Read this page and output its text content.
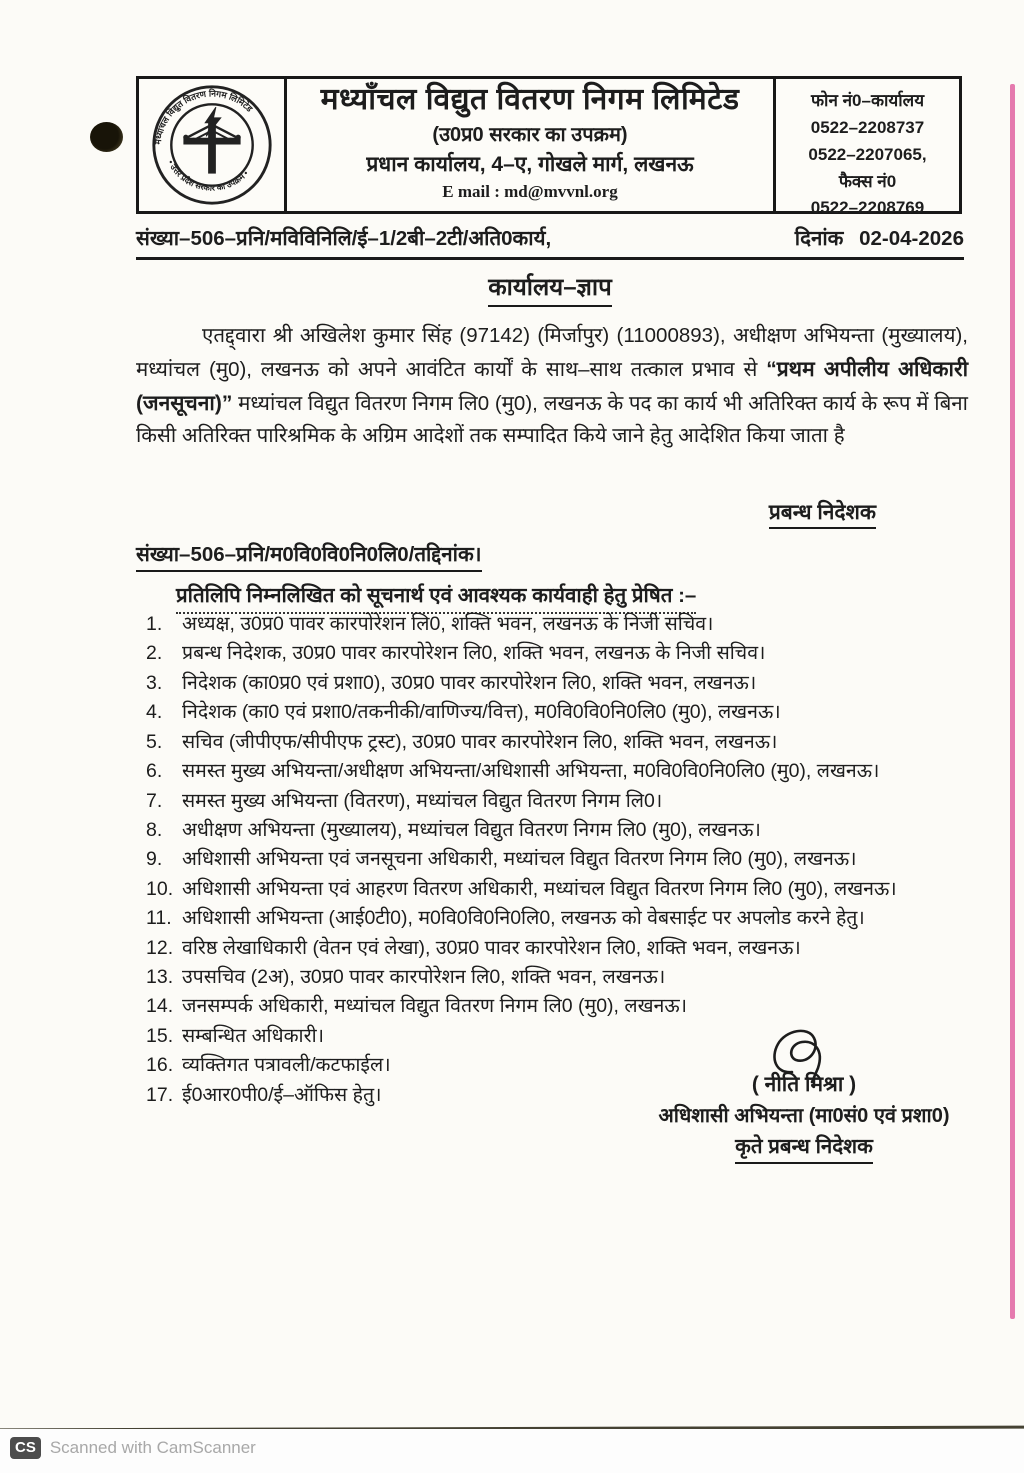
मध्यांचल विद्युत वितरण निगम लिमिटेड
• उत्तर प्रदेश सरकार का उपक्रम •
मध्याँचल विद्युत वितरण निगम लिमिटेड
(उ0प्र0 सरकार का उपक्रम)
प्रधान कार्यालय, 4–ए, गोखले मार्ग, लखनऊ
E mail : md@mvvnl.org
फोन नं0–कार्यालय
0522–2208737
0522–2207065,
फैक्स नं0
0522–2208769
संख्या–506–प्रनि/मविविनिलि/ई–1/2बी–2टी/अति0कार्य,	दिनांक 02-04-2026
कार्यालय–ज्ञाप
एतद्द्वारा श्री अखिलेश कुमार सिंह (97142) (मिर्जापुर) (11000893), अधीक्षण अभियन्ता (मुख्यालय), मध्यांचल (मु0), लखनऊ को अपने आवंटित कार्यों के साथ–साथ तत्काल प्रभाव से “प्रथम अपीलीय अधिकारी (जनसूचना)” मध्यांचल विद्युत वितरण निगम लि0 (मु0), लखनऊ के पद का कार्य भी अतिरिक्त कार्य के रूप में बिना किसी अतिरिक्त पारिश्रमिक के अग्रिम आदेशों तक सम्पादित किये जाने हेतु आदेशित किया जाता है
प्रबन्ध निदेशक
संख्या–506–प्रनि/म0वि0वि0नि0लि0/तद्दिनांक।
प्रतिलिपि निम्नलिखित को सूचनार्थ एवं आवश्यक कार्यवाही हेतु प्रेषित :–
1.	अध्यक्ष, उ0प्र0 पावर कारपोरेशन लि0, शक्ति भवन, लखनऊ के निजी सचिव।
2.	प्रबन्ध निदेशक, उ0प्र0 पावर कारपोरेशन लि0, शक्ति भवन, लखनऊ के निजी सचिव।
3.	निदेशक (का0प्र0 एवं प्रशा0), उ0प्र0 पावर कारपोरेशन लि0, शक्ति भवन, लखनऊ।
4.	निदेशक (का0 एवं प्रशा0/तकनीकी/वाणिज्य/वित्त), म0वि0वि0नि0लि0 (मु0), लखनऊ।
5.	सचिव (जीपीएफ/सीपीएफ ट्रस्ट), उ0प्र0 पावर कारपोरेशन लि0, शक्ति भवन, लखनऊ।
6.	समस्त मुख्य अभियन्ता/अधीक्षण अभियन्ता/अधिशासी अभियन्ता, म0वि0वि0नि0लि0 (मु0), लखनऊ।
7.	समस्त मुख्य अभियन्ता (वितरण), मध्यांचल विद्युत वितरण निगम लि0।
8.	अधीक्षण अभियन्ता (मुख्यालय), मध्यांचल विद्युत वितरण निगम लि0 (मु0), लखनऊ।
9.	अधिशासी अभियन्ता एवं जनसूचना अधिकारी, मध्यांचल विद्युत वितरण निगम लि0 (मु0), लखनऊ।
10. अधिशासी अभियन्ता एवं आहरण वितरण अधिकारी, मध्यांचल विद्युत वितरण निगम लि0 (मु0), लखनऊ।
11. अधिशासी अभियन्ता (आई0टी0), म0वि0वि0नि0लि0, लखनऊ को वेबसाईट पर अपलोड करने हेतु।
12. वरिष्ठ लेखाधिकारी (वेतन एवं लेखा), उ0प्र0 पावर कारपोरेशन लि0, शक्ति भवन, लखनऊ।
13. उपसचिव (2अ), उ0प्र0 पावर कारपोरेशन लि0, शक्ति भवन, लखनऊ।
14. जनसम्पर्क अधिकारी, मध्यांचल विद्युत वितरण निगम लि0 (मु0), लखनऊ।
15. सम्बन्धित अधिकारी।
16. व्यक्तिगत पत्रावली/कटफाईल।
17. ई0आर0पी0/ई–ऑफिस हेतु।	( नीति मिश्रा )
अधिशासी अभियन्ता (मा0सं0 एवं प्रशा0)
कृते प्रबन्ध निदेशक
CS Scanned with CamScanner
